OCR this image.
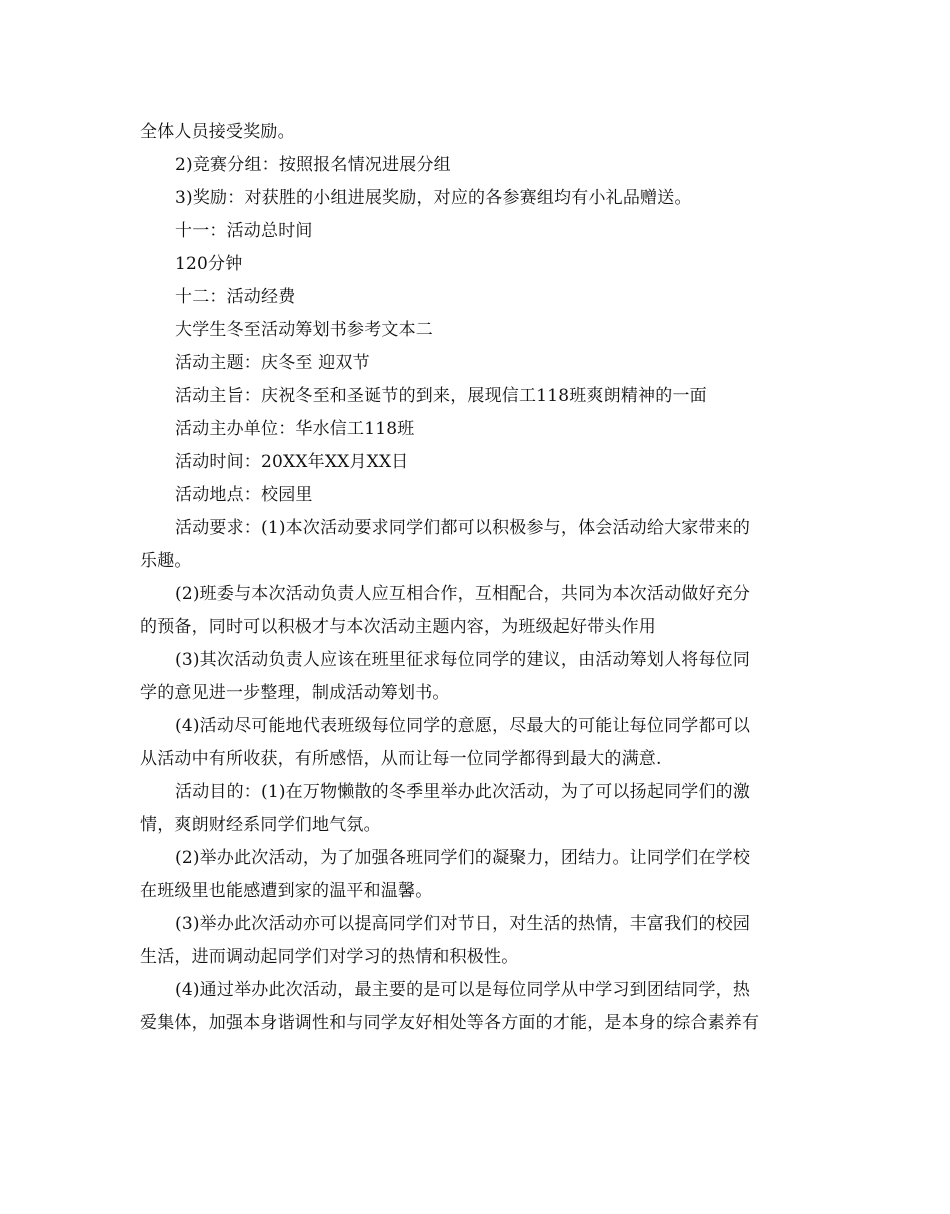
全体人员接受奖励。
2)竞赛分组：按照报名情况进展分组
3)奖励：对获胜的小组进展奖励，对应的各参赛组均有小礼品赠送。
十一：活动总时间
120分钟
十二：活动经费
大学生冬至活动筹划书参考文本二
活动主题：庆冬至 迎双节
活动主旨：庆祝冬至和圣诞节的到来，展现信工118班爽朗精神的一面
活动主办单位：华水信工118班
活动时间：20XX年XX月XX日
活动地点：校园里
活动要求：(1)本次活动要求同学们都可以积极参与，体会活动给大家带来的
乐趣。
(2)班委与本次活动负责人应互相合作，互相配合，共同为本次活动做好充分
的预备，同时可以积极才与本次活动主题内容，为班级起好带头作用
(3)其次活动负责人应该在班里征求每位同学的建议，由活动筹划人将每位同
学的意见进一步整理，制成活动筹划书。
(4)活动尽可能地代表班级每位同学的意愿，尽最大的可能让每位同学都可以
从活动中有所收获，有所感悟，从而让每一位同学都得到最大的满意.
活动目的：(1)在万物懒散的冬季里举办此次活动，为了可以扬起同学们的激
情，爽朗财经系同学们地气氛。
(2)举办此次活动，为了加强各班同学们的凝聚力，团结力。让同学们在学校
在班级里也能感遭到家的温平和温馨。
(3)举办此次活动亦可以提高同学们对节日，对生活的热情，丰富我们的校园
生活，进而调动起同学们对学习的热情和积极性。
(4)通过举办此次活动，最主要的是可以是每位同学从中学习到团结同学，热
爱集体，加强本身谐调性和与同学友好相处等各方面的才能，是本身的综合素养有
